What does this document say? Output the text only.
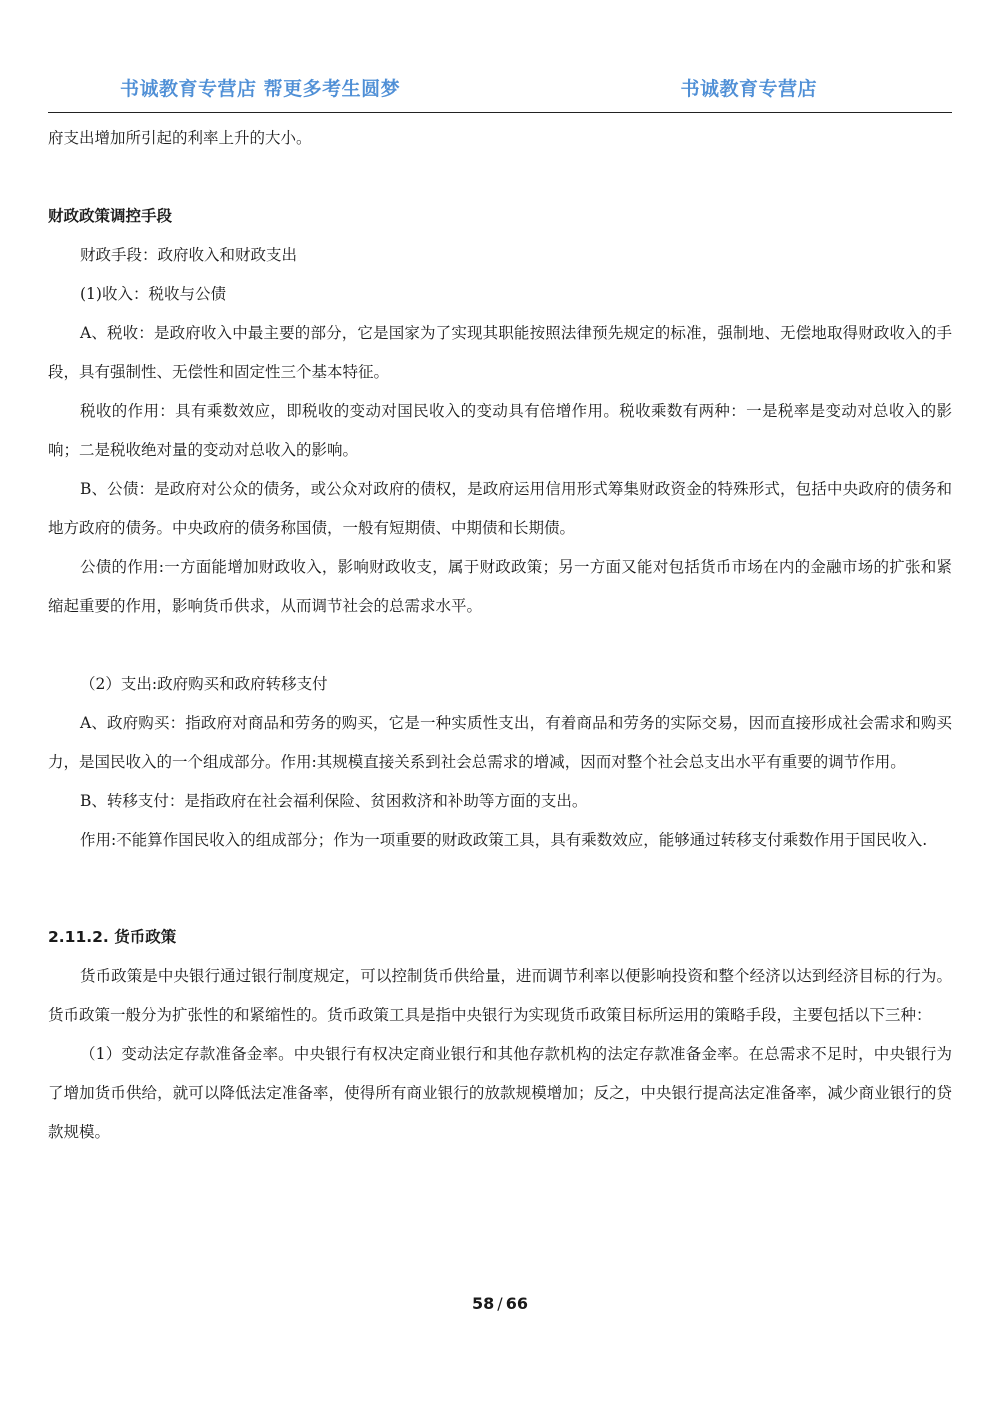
书诚教育专营店 帮更多考生圆梦	书诚教育专营店

府支出增加所引起的利率上升的大小。

财政政策调控手段

财政手段：政府收入和财政支出

(1)收入：税收与公债

A、税收：是政府收入中最主要的部分，它是国家为了实现其职能按照法律预先规定的标准，强制地、无偿地取得财政收入的手段，具有强制性、无偿性和固定性三个基本特征。

税收的作用：具有乘数效应，即税收的变动对国民收入的变动具有倍增作用。税收乘数有两种：一是税率是变动对总收入的影响；二是税收绝对量的变动对总收入的影响。

B、公债：是政府对公众的债务，或公众对政府的债权，是政府运用信用形式筹集财政资金的特殊形式，包括中央政府的债务和地方政府的债务。中央政府的债务称国债，一般有短期债、中期债和长期债。

公债的作用:一方面能增加财政收入，影响财政收支，属于财政政策；另一方面又能对包括货币市场在内的金融市场的扩张和紧缩起重要的作用，影响货币供求，从而调节社会的总需求水平。

（2）支出:政府购买和政府转移支付

A、政府购买：指政府对商品和劳务的购买，它是一种实质性支出，有着商品和劳务的实际交易，因而直接形成社会需求和购买力，是国民收入的一个组成部分。作用:其规模直接关系到社会总需求的增减，因而对整个社会总支出水平有重要的调节作用。

B、转移支付：是指政府在社会福利保险、贫困救济和补助等方面的支出。

作用:不能算作国民收入的组成部分；作为一项重要的财政政策工具，具有乘数效应，能够通过转移支付乘数作用于国民收入.

2.11.2. 货币政策

货币政策是中央银行通过银行制度规定，可以控制货币供给量，进而调节利率以便影响投资和整个经济以达到经济目标的行为。货币政策一般分为扩张性的和紧缩性的。货币政策工具是指中央银行为实现货币政策目标所运用的策略手段，主要包括以下三种：

（1）变动法定存款准备金率。中央银行有权决定商业银行和其他存款机构的法定存款准备金率。在总需求不足时，中央银行为了增加货币供给，就可以降低法定准备率，使得所有商业银行的放款规模增加；反之，中央银行提高法定准备率，减少商业银行的贷款规模。

58 / 66
